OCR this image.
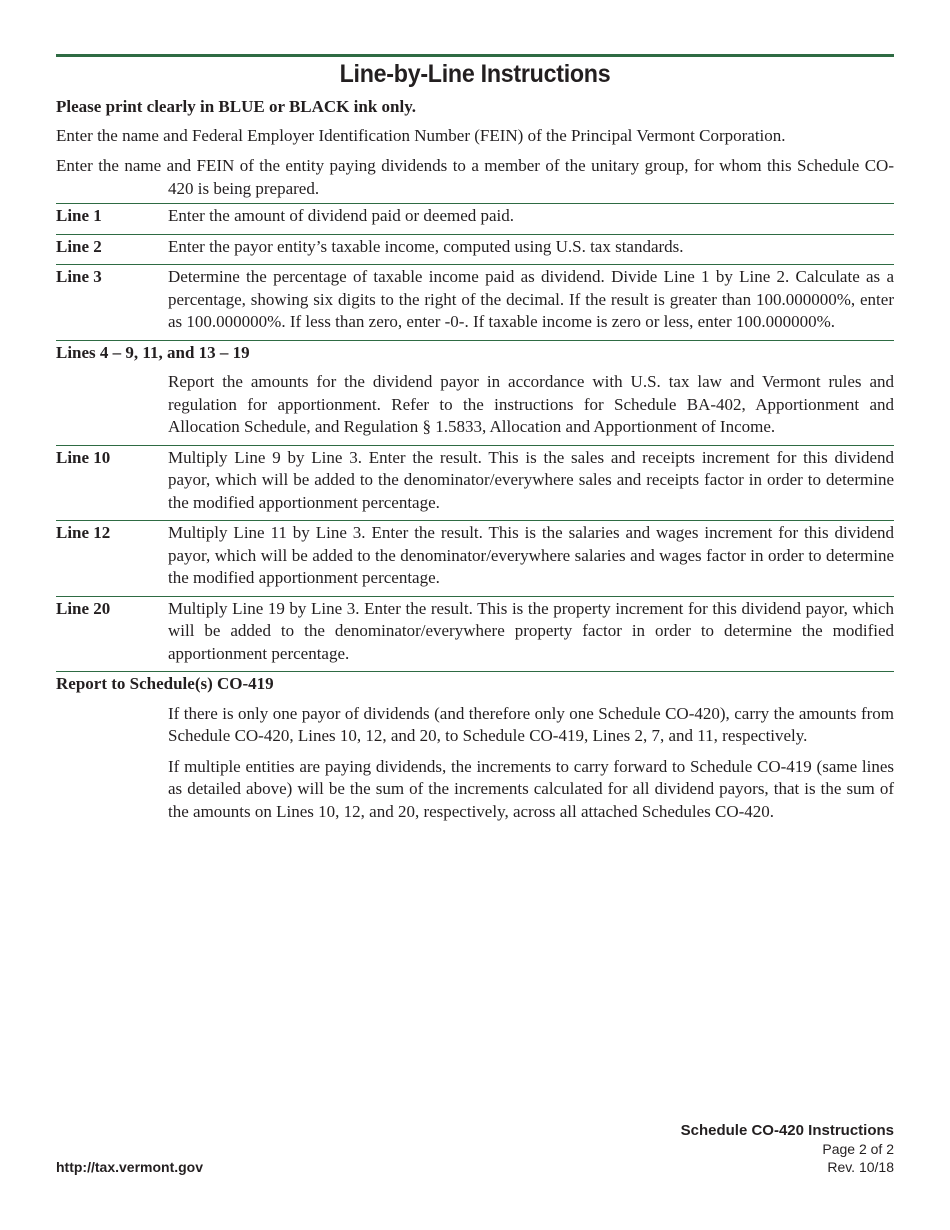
Line-by-Line Instructions
Please print clearly in BLUE or BLACK ink only.
Enter the name and Federal Employer Identification Number (FEIN) of the Principal Vermont Corporation.
Enter the name and FEIN of the entity paying dividends to a member of the unitary group, for whom this Schedule CO-420 is being prepared.
Line 1	Enter the amount of dividend paid or deemed paid.
Line 2	Enter the payor entity’s taxable income, computed using U.S. tax standards.
Line 3	Determine the percentage of taxable income paid as dividend. Divide Line 1 by Line 2. Calculate as a percentage, showing six digits to the right of the decimal. If the result is greater than 100.000000%, enter as 100.000000%. If less than zero, enter -0-. If taxable income is zero or less, enter 100.000000%.
Lines 4 – 9, 11, and 13 – 19
Report the amounts for the dividend payor in accordance with U.S. tax law and Vermont rules and regulation for apportionment. Refer to the instructions for Schedule BA-402, Apportionment and Allocation Schedule, and Regulation § 1.5833, Allocation and Apportionment of Income.
Line 10	Multiply Line 9 by Line 3. Enter the result. This is the sales and receipts increment for this dividend payor, which will be added to the denominator/everywhere sales and receipts factor in order to determine the modified apportionment percentage.
Line 12	Multiply Line 11 by Line 3. Enter the result. This is the salaries and wages increment for this dividend payor, which will be added to the denominator/everywhere salaries and wages factor in order to determine the modified apportionment percentage.
Line 20	Multiply Line 19 by Line 3. Enter the result. This is the property increment for this dividend payor, which will be added to the denominator/everywhere property factor in order to determine the modified apportionment percentage.
Report to Schedule(s) CO-419
If there is only one payor of dividends (and therefore only one Schedule CO-420), carry the amounts from Schedule CO-420, Lines 10, 12, and 20, to Schedule CO-419, Lines 2, 7, and 11, respectively.
If multiple entities are paying dividends, the increments to carry forward to Schedule CO-419 (same lines as detailed above) will be the sum of the increments calculated for all dividend payors, that is the sum of the amounts on Lines 10, 12, and 20, respectively, across all attached Schedules CO-420.
Schedule CO-420 Instructions
Page 2 of 2
Rev. 10/18
http://tax.vermont.gov
